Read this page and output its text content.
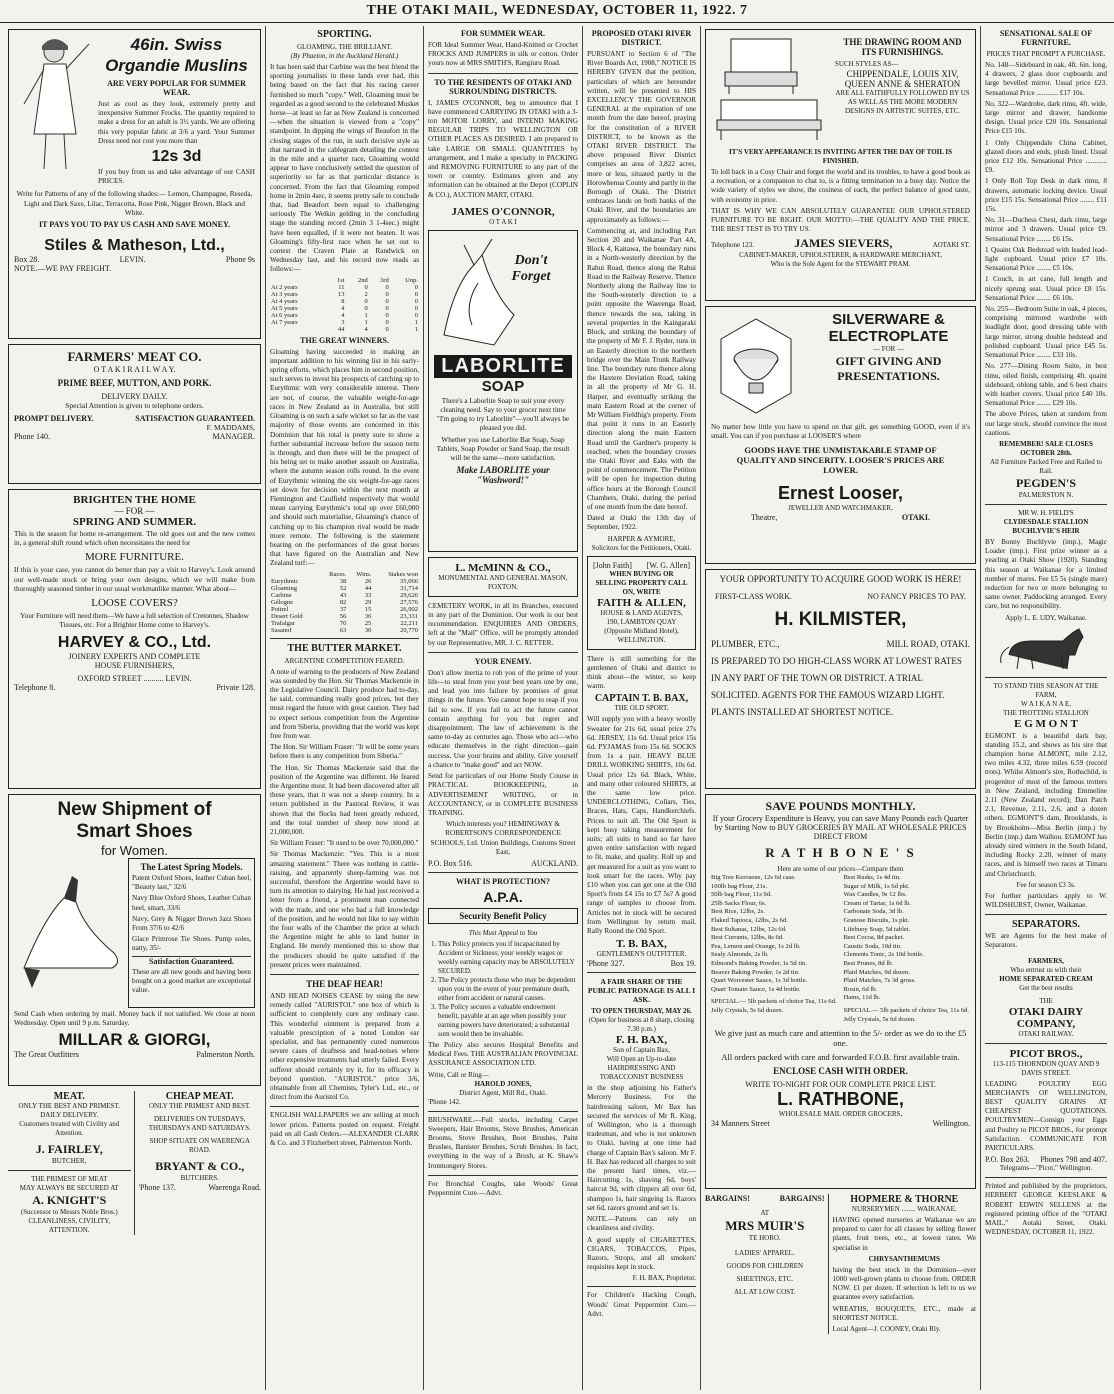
THE OTAKI MAIL, WEDNESDAY, OCTOBER 11, 1922. 7
46in. Swiss Organdie Muslins
ARE VERY POPULAR FOR SUMMER WEAR.

Just as cool as they look, extremely pretty and inexpensive Summer Frocks. The quantity required to make a dress for an adult is 3½ yards. We are offering this very popular fabric at 3/6 a yard. Your Summer Dress need not cost you more than

12s 3d

If you buy from us and take advantage of our CASH PRICES.

Write for Patterns of any of the following shades:— Lemon, Champagne, Reseda, Light and Dark Saxe, Lilac, Terracotta, Rose Pink, Nigger Brown, Black and White.

IT PAYS YOU TO PAY US CASH AND SAVE MONEY.
Stiles & Matheson, Ltd.,
Box 28.	LEVIN.	Phone 9s
NOTE.—WE PAY FREIGHT.
FARMERS' MEAT CO.
O T A K I R A I L W A Y.
PRIME BEEF, MUTTON, AND PORK.
DELIVERY DAILY.
Special Attention is given to telephone orders.
PROMPT DELIVERY.	SATISFACTION GUARANTEED.
F. MADDAMS,
Phone 140.	MANAGER.
BRIGHTEN THE HOME
— FOR —
SPRING AND SUMMER.

This is the season for home re-arrangement. The old goes out and the new comes in, a general shift round which often necessitates the need for

MORE FURNITURE.

If this is your case, you cannot do better than pay a visit to Harvey's. Look around our well-made stock or bring your own designs, which we will make from thoroughly seasoned timber in our usual workmanlike manner. What about—

LOOSE COVERS?

Your Furniture will need them—We have a full selection of Cretonnes, Shadow Tissues, etc. For a Brighter Home come to Harvey's.

HARVEY & CO., Ltd.
JOINERY EXPERTS AND COMPLETE
HOUSE FURNISHERS,
OXFORD STREET .......... LEVIN.
Telephone 8.	Private 128.
New Shipment of
Smart Shoes
for Women.
The Latest Spring Models.

Patent Oxford Shoes, leather Cuban heel, "Beauty last," 32/6

Navy Blue Oxford Shoes, Leather Cuban heel, smart, 33/6

Navy, Grey & Nigger Brown Jazz Shoes From 37/6 to 42/6

Glace Primrose Tie Shoes. Pump soles, natty, 35/-

Satisfaction Guaranteed.

These are all new goods and having been bought on a good market are exceptional value.

Send Cash when ordering by mail. Money back if not satisfied. We close at noon Wednesday. Open until 9 p.m. Saturday.

MILLAR & GIORGI,
The Great Outfitters	Palmerston North.
MEAT.
ONLY THE BEST AND PRIMEST.
DAILY DELIVERY.
Customers treated with Civility and Attention.
J. FAIRLEY,
BUTCHER,
THE PRIMEST OF MEAT
MAY ALWAYS BE SECURED AT
A. KNIGHT'S
(Successor to Messrs Noble Bros.)
CLEANLINESS, CIVILITY,
ATTENTION.
CHEAP MEAT.
ONLY THE PRIMEST AND BEST.
DELIVERIES ON TUESDAYS, THURSDAYS AND SATURDAYS.
SHOP SITUATE ON WAERENGA ROAD.
BRYANT & CO.,
BUTCHERS.
'Phone 137.	Waerenga Road.
SPORTING.
GLOAMING, THE BRILLIANT.
(By Phaeton, in the Auckland Herald.)

It has been said that Carbine was the best friend the sporting journalists in these lands ever had, this being based on the fact that his racing career furnished so much "copy." Well, Gloaming must be regarded as a good second to the celebrated Musket horse—at least so far as New Zealand is concerned—when the situation is viewed from a "copy" standpoint. In dipping the wings of Beaufort in the closing stages of the run, in such decisive style as that narrated in the cablegram detailing the contest in the mile and a quarter race, Gloaming would appear to have conclusively settled the question of superiority so far as that particular distance is concerned. From the fact that Gloaming romped home in 2min 4sec, it seems pretty safe to conclude that, had Beaufort been equal to challenging seriously The Welkin gelding in the concluding stage the standing record (2min 3 1-4sec.) might have been equalled, if it were not beaten. It was Gloaming's fifty-first race when he set out to contest the Craven Plate at Randwick on Wednesday last, and his record now reads as follows:—

	1st	2nd	3rd	Unp.
At 2 years	11	0	0	0
At 3 years	13	2	0	0
At 4 years	8	0	0	0
At 5 years	4	0	0	0
At 6 years	4	1	0	0
At 7 years	3	1	0	1
	44	4	0	1
THE GREAT WINNERS.

Gloaming having succeeded in making an important addition to his winning list in his early-spring efforts, which places him in second position, such serves to invest his prospects of catching up to Eurythmic with very considerable interest. There are not, of course, the valuable weight-for-age races in New Zealand as in Australia, but still Gloaming is on such a safe wicket so far as the vast majority of those events are concerned in this Dominion that his total is pretty sure to show a further substantial increase before the season term is through, and then there will be the prospect of his being set to make another assault on Australia, where the autumn season rolls round. In the event of Eurythmic winning the six weight-for-age races set down for decision within the next month at Flemington and Caulfield respectively that would mean carrying Eurythmic's total up over £60,000 and should such materialise, Gloaming's chance of catching up to his champion rival would be made more remote. The following is the statement bearing on the performances of the great horses that have figured on the Australian and New Zealand turf:—

	Races.	Wins.	Stakes won
Eurythmic	38	26	35,066
Gloaming	52	44	31,714
Carbine	43	33	29,626
Gélogne	82	29	27,576
Poitrel	37	15	26,902
Desert Gold	56	36	23,331
Trafalgar	70	25	22,211
Sasanof	63	30	20,770
THE BUTTER MARKET.
ARGENTINE COMPETITION FEARED.

A note of warning to the producers of New Zealand was sounded by the Hon. Sir Thomas Mackenzie in the Legislative Council. Dairy produce had to-day, he said, commanding really good prices, but they must regard the future with great caution. They had to expect serious competition from the Argentine and from Siberia, providing that the world was kept free from war.

The Hon. Sir William Fraser: "It will be some years before there is any competition from Siberia."

The Hon. Sir Thomas Mackenzie said that the position of the Argentine was different. He feared the Argentine most. It had been discovered after all these years, that it was not a sheep country. In a return published in the Pastoral Review, it was shown that the flocks had been greatly reduced, and the total number of sheep now stood at 21,000,000.

Sir William Fraser: "It used to be over 70,000,000."

Sir Thomas Mackenzie: "Yes. This is a most amazing statement." There was nothing in cattle-raising, and apparently sheep-farming was not successful, therefore the Argentine would have to turn its attention to dairying. He had just received a letter from a friend, a prominent man connected with the trade, and one who had a full knowledge of the position, and he would not like to say within the four walls of the Chamber the price at which the Argentine might be able to land butter in England. He merely mentioned this to show that the producers should be quite satisfied if the present prices were maintained.

THE DEAF HEAR!

AND HEAD NOISES CEASE by using the new remedy called "AURISTOL" one box of which is sufficient to completely cure any ordinary case. This wonderful ointment is prepared from a valuable prescription of a noted London ear specialist, and has permanently cured numerous severe cases of deafness and head-noises where other expensive treatments had utterly failed. Every sufferer should certainly try it, for its efficacy is beyond question. "AURISTOL" price 3/6, obtainable from all Chemists, Tyler's Ltd., etc., or direct from the Auristol Co.

ENGLISH WALLPAPERS we are selling at much lower prices. Patterns posted on request. Freight paid on all Cash Orders.—ALEXANDER CLARK & Co. and 3 Fitzherbert street, Palmerston North.

FOR SUMMER WEAR.

FOR Ideal Summer Wear, Hand-Knitted or Crochet FROCKS AND JUMPERS in silk or cotton. Order yours now at MRS SMITH'S, Rangiuru Road.

TO THE RESIDENTS OF OTAKI AND SURROUNDING DISTRICTS.

I, JAMES O'CONNOR, beg to announce that I have commenced CARRYING IN OTAKI with a 3-ton MOTOR LORRY, and INTEND MAKING REGULAR TRIPS TO WELLINGTON OR OTHER PLACES AS DESIRED. I am prepared to take LARGE OR SMALL QUANTITIES by arrangement, and I make a specialty in PACKING and REMOVING FURNITURE to any part of the town or country. Estimates given and any information can be obtained at the Depot (COPLIN & CO.), AUCTION MART, OTAKI.

JAMES O'CONNOR,
O T A K I
Don't Forget
LABORLITE
SOAP

There's a Laborlite Soap to suit your every cleaning need. Say to your grocer next time "I'm going to try Laborlite"—you'll always be pleased you did.

Whether you use Laborlite Bar Soap, Soap Tablets, Soap Powder or Sand Soap, the result will be the same—more satisfaction.

Make LABORLITE your "Washword!"
L. McMINN & CO.,
MONUMENTAL AND GENERAL MASON,
FOXTON.

CEMETERY WORK, in all its Branches, executed in any part of the Dominion. Our work is our best recommendation. ENQUIRIES AND ORDERS, left at the "Mail" Office, will be promptly attended by our Representative, MR. J. C. RETTER.

YOUR ENEMY.

Don't allow inertia to rob you of the prime of your life—to steal from you your best years one by one, and lead you into failure by promises of great things in the future. You cannot hope to reap if you fail to sow. If you fail to act the future cannot contain anything for you but regret and disappointment. The law of achievement is the same to-day as centuries ago. Those who act—who educate themselves in the right direction—gain success. Use your brains and ability. Give yourself a chance to "make good" and act NOW.

Send for particulars of our Home Study Course in PRACTICAL BOOKKEEPING, in ADVERTISEMENT WRITING, or in ACCOUNTANCY, or in COMPLETE BUSINESS TRAINING.

Which interests you? HEMINGWAY & ROBERTSON'S CORRESPONDENCE SCHOOLS, Ltd. Union Buildings, Customs Street East,

P.O. Box 516.	AUCKLAND.
WHAT IS PROTECTION?
A.P.A.
Security Benefit Policy
This Must Appeal to You
1. This Policy protects you if incapacitated by Accident or Sickness; your weekly wages or weekly earning capacity may be ABSOLUTELY SECURED.
2. The Policy protects those who may be dependent upon you in the event of your premature death, either from accident or natural causes.
3. The Policy secures a valuable endowment benefit, payable at an age when possibly your earning powers have deteriorated; a substantial sum would then be invaluable.

The Policy also secures Hospital Benefits and Medical Fees. THE AUSTRALIAN PROVINCIAL ASSURANCE ASSOCIATION LTD.

Write, Call or Ring—
HAROLD JONES,
District Agent, Mill Rd., Otaki.
'Phone 142.

BRUSHWARE.—Full stocks, including Carpet Sweepers, Hair Brooms, Stove Brushes, American Brooms, Stove Brushes, Boot Brushes, Paint Brushes, Banister Brushes, Scrub Brushes. In fact, everything in the way of a Brush, at K. Shaw's Ironmongery Stores.

For Bronchial Coughs, take Woods' Great Peppermint Cure.—Advt.

PROPOSED OTAKI RIVER DISTRICT.

PURSUANT to Section 6 of "The River Boards Act, 1908," NOTICE IS HEREBY GIVEN that the petition, particulars of which are hereunder written, will be presented to HIS EXCELLENCY THE GOVERNOR GENERAL at the expiration of one month from the date hereof, praying for the constitution of a RIVER DISTRICT, to be known as the OTAKI RIVER DISTRICT. The above proposed River District comprises an area of 3,822 acres, more or less, situated partly in the Horowhenua County and partly in the Borough of Otaki. The District embraces lands on both banks of the Otaki River, and the boundaries are approximately as follows:—

Commencing at, and including Part Section 20 and Waikanae Part 4A, Block 4, Kaitawa, the boundary runs in a North-westerly direction by the Rahui Road, thence along the Rahui Road to the Railway Reserve. Thence Northerly along the Railway line to the South-westerly direction to a point opposite the Waerenga Road, thence towards the sea, taking in several properties in the Kaingaraki Block, and striking the boundary of the property of Mr F. J. Ryder, runs in an Easterly direction to the northern bridge over the Main Trunk Railway line. The boundary runs thence along the Haxtere Deviation Road, taking in all the property of Mr G. H. Harper, and eventually striking the main Eastern Road at the corner of Mr William Fieldhig's property. From that point it runs in an Easterly direction along the main Eastern Road until the Gardner's property is reached, when the boundary crosses the Otaki River and Eaks with the point of commencement. The Petition will be open for inspection during office hours at the Borough Council Chambers, Otaki, during the period of one month from the date hereof.

Dated at Otaki the 13th day of September, 1922.

HARPER & AYMORE,
Solicitors for the Petitioners, Otaki.
[John Faith] [W. G. Allen]
WHEN BUYING OR SELLING PROPERTY CALL ON, WRITE
FAITH & ALLEN,
HOUSE & LAND AGENTS,
190, LAMBTON QUAY (Opposite Midland Hotel), WELLINGTON.

There is still something for the gentlemen of Otaki and district to think about—the winter, so keep warm.

CAPTAIN T. B. BAX,
THE OLD SPORT,

Will supply you with a heavy woolly Sweater for 21s 6d, usual price 27s 6d. JERSEY, 11s 6d. Usual price 15s 6d. PYJAMAS from 15s 6d. SOCKS from 1s a pair. HEAVY BLUE DRILL WORKING SHIRTS, 10s 6d. Usual price 12s 6d. Black, White, and many other coloured SHIRTS, at the same low price. UNDERCLOTHING, Collars, Ties, Braces, Hats, Caps, Handkerchiefs. Prices to suit all. The Old Sport is kept busy taking measurement for suits; all suits to hand so far have given entire satisfaction with regard to fit, make, and quality. Roll up and get measured for a suit as you want to look smart for the races. Why pay £10 when you can get one at the Old Sport's from £4 15s to £7 5s? A good range of samples to choose from. Articles not in stock will be secured from Wellington by return mail. Rally Round the Old Sport.

T. B. BAX,
GENTLEMEN'S OUTFITTER.
'Phone 327.	Box 19.
A FAIR SHARE OF THE PUBLIC PATRONAGE IS ALL I ASK.
TO OPEN THURSDAY, MAY 26.
(Open for business at 8 sharp, closing 7.30 p.m.)
F. H. BAX,
Son of Captain Bax,
Will Open an Up-to-date HAIRDRESSING AND TOBACCONIST BUSINESS

in the shop adjoining his Father's Mercery Business. For the hairdressing saloon, Mr Bax has secured the services of Mr R. King, of Wellington, who is a thorough tradesman, and who is not unknown to Otaki, having at one time had charge of Captain Bax's saloon. Mr F. H. Bax has reduced all charges to suit the present hard times, viz.—Haircutting 1s, shaving 6d, boys' haircut 9d, with clippers all over 6d, shampoo 1s, hair singeing 1s. Razors set 6d, razors ground and set 1s.

NOTE.—Patrons can rely on cleanliness and civility.

A good supply of CIGARETTES, CIGARS, TOBACCOS, Pipes, Razors, Strops, and all smokers' requisites kept in stock.

F. H. BAX, Proprietor.

For Children's Hacking Cough, Woods' Great Peppermint Cure.—Advt.

THE DRAWING ROOM AND ITS FURNISHINGS.
SUCH STYLES AS—
CHIPPENDALE, LOUIS XIV,
QUEEN ANNE & SHERATON
ARE ALL FAITHFULLY FOLLOWED BY US AS WELL AS THE MORE MODERN DESIGNS IN ARTISTIC SUITES, ETC.
IT'S VERY APPEARANCE IS INVITING AFTER THE DAY OF TOIL IS FINISHED.

To loll back in a Cosy Chair and forget the world and its troubles, to have a good book as a recreation, or a companion to chat to, is a fitting termination to a busy day. Notice the wide variety of styles we show, the cosiness of each, the perfect balance of good taste, with economy in price.

THAT IS WHY WE CAN ABSOLUTELY GUARANTEE OUR UPHOLSTERED FURNITURE TO BE RIGHT. OUR MOTTO:—THE QUALITY AND THE PRICE. THE BEST TEST IS TO TRY US.

Telephone 123.	JAMES SIEVERS,	AOTAKI ST.
CABINET-MAKER, UPHOLSTERER, & HARDWARE MERCHANT,
Who is the Sole Agent for the STEWART PRAM.
SILVERWARE &
ELECTROPLATE
— FOR —
GIFT GIVING AND PRESENTATIONS.

No matter how little you have to spend on that gift, get something GOOD, even if it's small. You can if you purchase at LOOSER'S where

GOODS HAVE THE UNMISTAKABLE STAMP OF QUALITY AND SINCERITY. LOOSER'S PRICES ARE LOWER.
Ernest Looser,
JEWELLER AND WATCHMAKER,
Theatre,	OTAKI.
YOUR OPPORTUNITY TO ACQUIRE GOOD WORK IS HERE!
FIRST-CLASS WORK.	NO FANCY PRICES TO PAY.
H. KILMISTER,
PLUMBER, ETC.,	MILL ROAD, OTAKI.
IS PREPARED TO DO HIGH-CLASS WORK AT LOWEST RATES IN ANY PART OF THE TOWN OR DISTRICT. A TRIAL SOLICITED. AGENTS FOR THE FAMOUS WIZARD LIGHT. PLANTS INSTALLED AT SHORTEST NOTICE.
SAVE POUNDS MONTHLY.
If your Grocery Expenditure is Heavy, you can save Many Pounds each Quarter by Starting Now to BUY GROCERIES BY MAIL AT WHOLESALE PRICES DIRECT FROM
R A T H B O N E ' S
Here are some of our prices—Compare them
Big Tree Kerosene, 12s 6d case.
100lb bag Flour, 21s.
50lb bag Flour, 11s 9d.
25lb Sacks Flour, 6s.
Best Rice, 12lbs, 2s.
Flaked Tapioca, 12lbs, 2s 6d.
Best Sultanas, 12lbs, 12s 6d.
Best Currants, 12lbs, 8s 6d.
Pea, Lemon and Orange, 1s 2d lb.
Sealy Almonds, 2s lb.
Edmond's Baking Powder, 1s 5d tin.
Beaver Baking Powder, 1s 2d tin.
Quart Worcester Sauce, 1s 3d bottle.
Quart Tomato Sauce, 1s 4d bottle.
SPECIAL.— 5lb packets of choice Tea, 11s 6d. Jelly Crystals, 5s 6d dozen.
Best Rusks, 1s 4d tin.
Sugar of Milk, 1s 6d pkt.
Wax Candles, 9s 12 lbs.
Cream of Tartar, 1s 6d lb.
Carbonate Soda, 3d lb.
Granose Biscuits, 1s pkt.
Lifebuoy Soap, 5d tablet.
Best Cocoa, 8d packet.
Caustic Soda, 10d tin.
Clements Tonic, 2s 10d bottle.
Best Prunes, 8d lb.
Plaid Matches, 9d dozen.
Plaid Matches, 7s 3d gross.
Rosin, 6d lb.
Hams, 11d lb.
SPECIAL.— 5lb packets of choice Tea, 11s 6d. Jelly Crystals, 5s 6d dozen.
We give just as much care and attention to the 5/- order as we do to the £5 one.
All orders packed with care and forwarded F.O.B. first available train.
ENCLOSE CASH WITH ORDER.
WRITE TO-NIGHT FOR OUR COMPLETE PRICE LIST.
L. RATHBONE,
WHOLESALE MAIL ORDER GROCERS,
34 Manners Street	Wellington.
BARGAINS!	BARGAINS!
AT
MRS MUIR'S
TE HORO.
LADIES' APPAREL.
GOODS FOR CHILDREN
SHEETINGS, ETC.
ALL AT LOW COST.
HOPMERE & THORNE
NURSERYMEN ........ WAIKANAE.

HAVING opened nurseries at Waikanae we are prepared to cater for all classes by selling flower plants, fruit trees, etc., at lowest rates. We specialise in

CHRYSANTHEMUMS

having the best stock in the Dominion—over 1000 well-grown plants to choose from. ORDER NOW. £1 per dozen. If selection is left to us we guarantee every satisfaction.

WREATHS, BOUQUETS, ETC., made at SHORTEST NOTICE.

Local Agent—J. COONEY, Otaki Rly.
SENSATIONAL SALE OF FURNITURE.
PRICES THAT PROMPT A PURCHASE.

No. 148—Sideboard in oak, 4ft. 6in. long, 4 drawers, 2 glass door cupboards and large bevelled mirror. Usual price £23. Sensational Price ............ £17 10s.

No. 322—Wardrobe, dark rimu, 4ft. wide, large mirror and drawer, handsome design. Usual price £20 10s. Sensational Price £15 10s.

1 Only Chippendale China Cabinet, glazed doors and ends, plush lined. Usual price £12 10s. Sensational Price ............ £9.

1 Only Roll Top Desk in dark rimu, 8 drawers, automatic locking device. Usual price £15 15s. Sensational Price ........ £11 15s.

No. 31—Duchess Chest, dark rimu, large mirror and 3 drawers. Usual price £9. Sensational Price ........ £6 15s.

1 Quaint Oak Bedstead with leaded lead-light cupboard. Usual price £7 10s. Sensational Price ........ £5 10s.

1 Couch, in art cane, full length and nicely sprung seat. Usual price £8 15s. Sensational Price ........ £6 10s.

No. 255—Bedroom Suite in oak, 4 pieces, comprising mirrored wardrobe with leadlight door, good dressing table with large mirror, strong double bedstead and polished cupboard. Usual price £45 5s. Sensational Price ........ £33 10s.

No. 277—Dining Room Suite, in best rimu, oiled finish, comprising 4ft. quaint sideboard, oblong table, and 6 best chairs with leather covers. Usual price £40 10s. Sensational Price ........ £29 10s.

The above Prices, taken at random from our large stock, should convince the most cautious.

REMEMBER! SALE CLOSES OCTOBER 28th.
All Furniture Packed Free and Railed to Rail.
PEGDEN'S
PALMERSTON N.
MR W. H. FIELD'S
CLYDESDALE STALLION
BUCHLYVIE'S HEIR

BY Bonny Buchlyvie (imp.), Magic Loader (imp.). First prize winner as a yearling at Otaki Show (1920). Standing this season at Waikanae for a limited number of mares. Fee £5 5s (single mare) reduction for two or more belonging to same owner. Paddocking arranged. Every care, but no responsibility.

Apply L. E. UDY, Waikanae.
TO STAND THIS SEASON AT THE FARM,
W A I K A N A E,
THE TROTTING STALLION
E G M O N T

EGMONT is a beautiful dark bay, standing 15.2, and shows as his sire that champion horse ALMONT, mile 2.12, two miles 4.32, three miles 6.59 (record trots). Whilst Almont's sire, Rothschild, is progenitor of most of the famous trotters in New Zealand, including Emmeline 2.11 (New Zealand record); Dan Patch 2.1, Revenue, 2.11, 2.6, and a dozen others. EGMONT'S dam, Brooklands, is by Brookholm—Miss Berlin (imp.) by Berlin (imp.) dam Waihou. EGMONT has already sired winners in the South Island, including Rocky 2.20, winner of many races, and is himself two races at Timaru and Christchurch.

Fee for season £3 3s.

For further particulars apply to W. WILDSHURST, Owner, Waikanae.

SEPARATORS.

WE are Agents for the best make of Separators.

FARMERS,
Who entrust us with their
HOME SEPARATED CREAM
Get the best results
THE
OTAKI DAIRY COMPANY,
OTAKI RAILWAY.
PICOT BROS.,
113-115 THORNDON QUAY AND 9 DAVIS STREET.

LEADING POULTRY EGG MERCHANTS OF WELLINGTON, BEST QUALITY GRAINS AT CHEAPEST QUOTATIONS. POULTRYMEN—Consign your Eggs and Poultry to PICOT BROS., for prompt Satisfaction. COMMUNICATE FOR PARTICULARS.

P.O. Box 263. Phones 798 and 407.
Telegrams—"Picot," Wellington.

Printed and published by the proprietors, HERBERT GEORGE KEESLAKE & ROBERT EDWIN SELLENS at the registered printing office of the "OTAKI MAIL," Aotaki Street, Otaki. WEDNESDAY, OCTOBER 11, 1922.
